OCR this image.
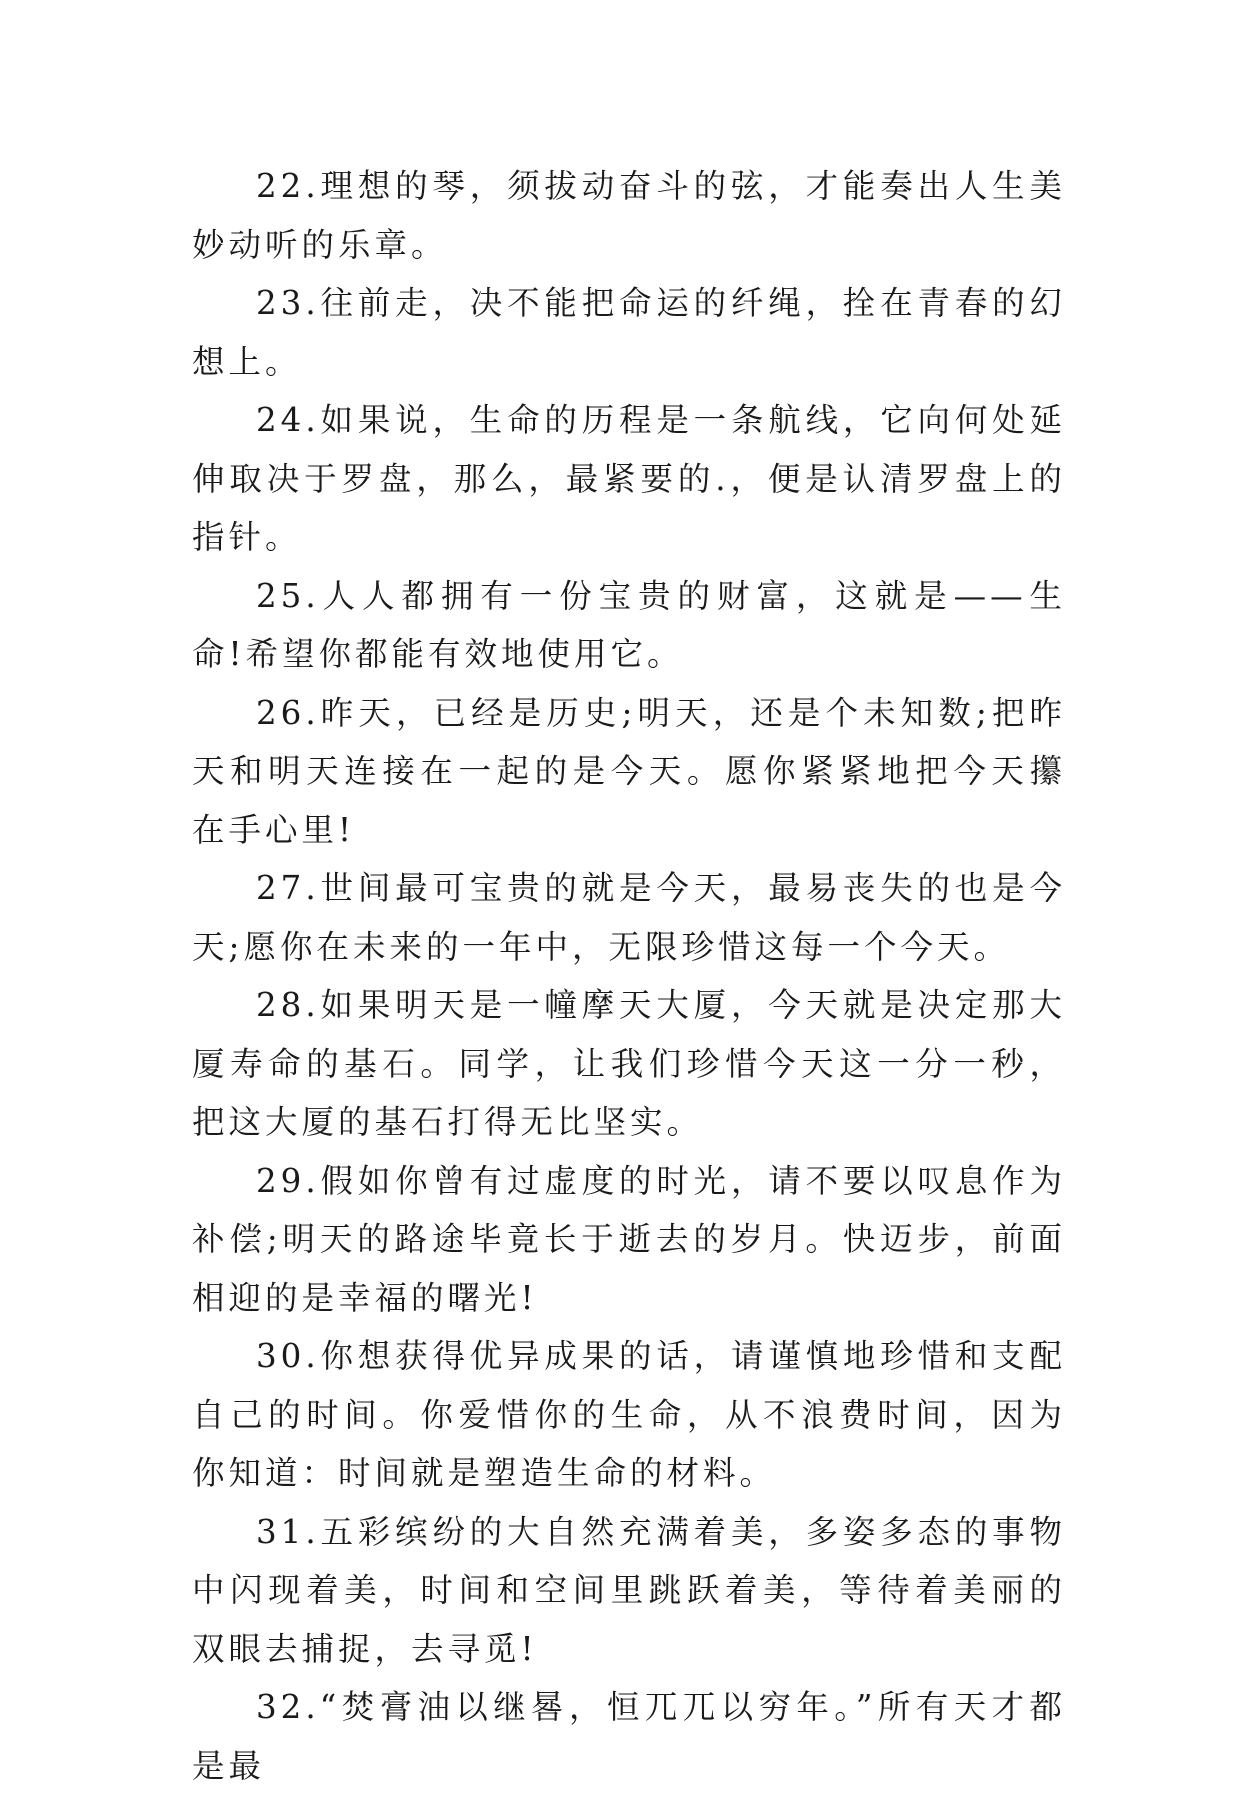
22.理想的琴，须拔动奋斗的弦，才能奏出人生美妙动听的乐章。

23.往前走，决不能把命运的纤绳，拴在青春的幻想上。

24.如果说，生命的历程是一条航线，它向何处延伸取决于罗盘，那么，最紧要的.，便是认清罗盘上的指针。

25.人人都拥有一份宝贵的财富，这就是——生命!希望你都能有效地使用它。

26.昨天，已经是历史;明天，还是个未知数;把昨天和明天连接在一起的是今天。愿你紧紧地把今天攥在手心里!

27.世间最可宝贵的就是今天，最易丧失的也是今天;愿你在未来的一年中，无限珍惜这每一个今天。

28.如果明天是一幢摩天大厦，今天就是决定那大厦寿命的基石。同学，让我们珍惜今天这一分一秒，把这大厦的基石打得无比坚实。

29.假如你曾有过虚度的时光，请不要以叹息作为补偿;明天的路途毕竟长于逝去的岁月。快迈步，前面相迎的是幸福的曙光!

30.你想获得优异成果的话，请谨慎地珍惜和支配自己的时间。你爱惜你的生命，从不浪费时间，因为你知道：时间就是塑造生命的材料。

31.五彩缤纷的大自然充满着美，多姿多态的事物中闪现着美，时间和空间里跳跃着美，等待着美丽的双眼去捕捉，去寻觅!

32.“焚膏油以继晷，恒兀兀以穷年。”所有天才都是最
